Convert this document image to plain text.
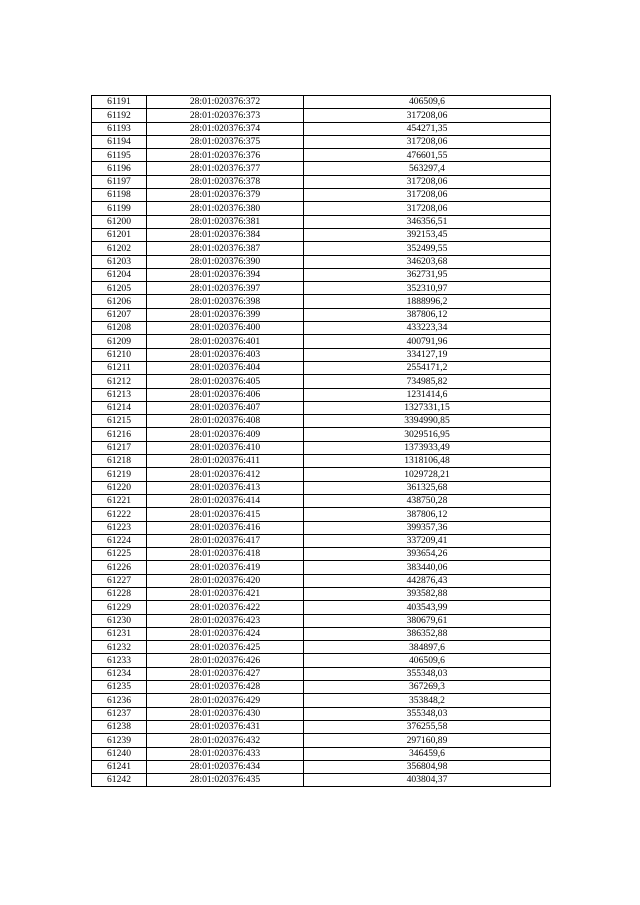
61191	28:01:020376:372	406509,6
61192	28:01:020376:373	317208,06
61193	28:01:020376:374	454271,35
61194	28:01:020376:375	317208,06
61195	28:01:020376:376	476601,55
61196	28:01:020376:377	563297,4
61197	28:01:020376:378	317208,06
61198	28:01:020376:379	317208,06
61199	28:01:020376:380	317208,06
61200	28:01:020376:381	346356,51
61201	28:01:020376:384	392153,45
61202	28:01:020376:387	352499,55
61203	28:01:020376:390	346203,68
61204	28:01:020376:394	362731,95
61205	28:01:020376:397	352310,97
61206	28:01:020376:398	1888996,2
61207	28:01:020376:399	387806,12
61208	28:01:020376:400	433223,34
61209	28:01:020376:401	400791,96
61210	28:01:020376:403	334127,19
61211	28:01:020376:404	2554171,2
61212	28:01:020376:405	734985,82
61213	28:01:020376:406	1231414,6
61214	28:01:020376:407	1327331,15
61215	28:01:020376:408	3394990,85
61216	28:01:020376:409	3029516,95
61217	28:01:020376:410	1373933,49
61218	28:01:020376:411	1318106,48
61219	28:01:020376:412	1029728,21
61220	28:01:020376:413	361325,68
61221	28:01:020376:414	438750,28
61222	28:01:020376:415	387806,12
61223	28:01:020376:416	399357,36
61224	28:01:020376:417	337209,41
61225	28:01:020376:418	393654,26
61226	28:01:020376:419	383440,06
61227	28:01:020376:420	442876,43
61228	28:01:020376:421	393582,88
61229	28:01:020376:422	403543,99
61230	28:01:020376:423	380679,61
61231	28:01:020376:424	386352,88
61232	28:01:020376:425	384897,6
61233	28:01:020376:426	406509,6
61234	28:01:020376:427	355348,03
61235	28:01:020376:428	367269,3
61236	28:01:020376:429	353848,2
61237	28:01:020376:430	355348,03
61238	28:01:020376:431	376255,58
61239	28:01:020376:432	297160,89
61240	28:01:020376:433	346459,6
61241	28:01:020376:434	356804,98
61242	28:01:020376:435	403804,37
